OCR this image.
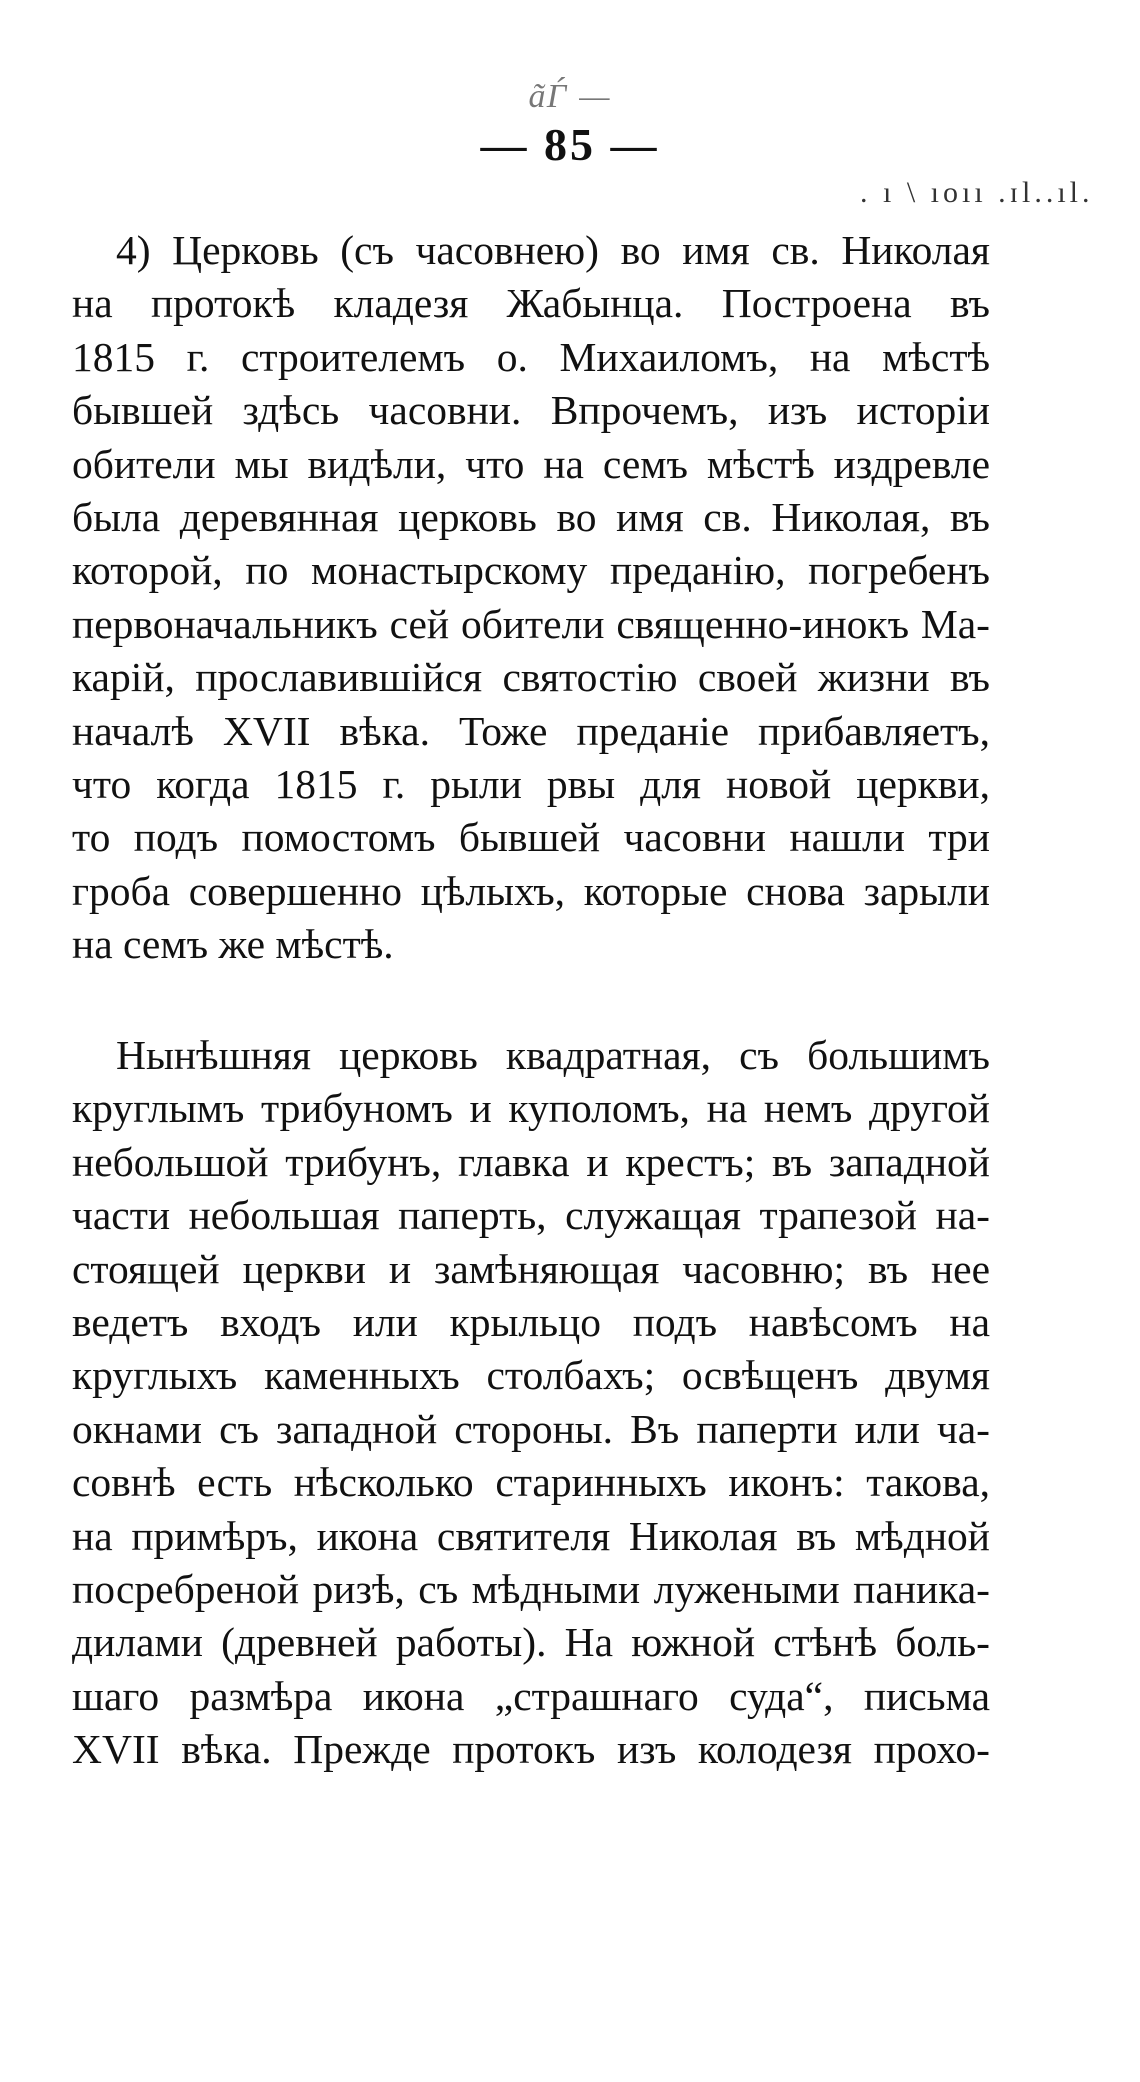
ãЃ —
— 85 —
. ı \ ıoıı .ɪl..ıl.
4) Церковь (съ часовнею) во имя св. Николая
на протокѣ кладезя Жабынца. Построена въ
1815 г. строителемъ о. Михаиломъ, на мѣстѣ
бывшей здѣсь часовни. Впрочемъ, изъ исторіи
обители мы видѣли, что на семъ мѣстѣ издревле
была деревянная церковь во имя св. Николая, въ
которой, по монастырскому преданію, погребенъ
первоначальникъ сей обители священно-инокъ Ма-
карій, прославившійся святостію своей жизни въ
началѣ XVII вѣка. Тоже преданіе прибавляетъ,
что когда 1815 г. рыли рвы для новой церкви,
то подъ помостомъ бывшей часовни нашли три
гроба совершенно цѣлыхъ, которые снова зарыли
на семъ же мѣстѣ.
Нынѣшняя церковь квадратная, съ большимъ
круглымъ трибуномъ и куполомъ, на немъ другой
небольшой трибунъ, главка и крестъ; въ западной
части небольшая паперть, служащая трапезой на-
стоящей церкви и замѣняющая часовню; въ нее
ведетъ входъ или крыльцо подъ навѣсомъ на
круглыхъ каменныхъ столбахъ; освѣщенъ двумя
окнами съ западной стороны. Въ паперти или ча-
совнѣ есть нѣсколько старинныхъ иконъ: такова,
на примѣръ, икона святителя Николая въ мѣдной
посребреной ризѣ, съ мѣдными лужеными паника-
дилами (древней работы). На южной стѣнѣ боль-
шаго размѣра икона „страшнаго суда“, письма
XVII вѣка. Прежде протокъ изъ колодезя прохо-
